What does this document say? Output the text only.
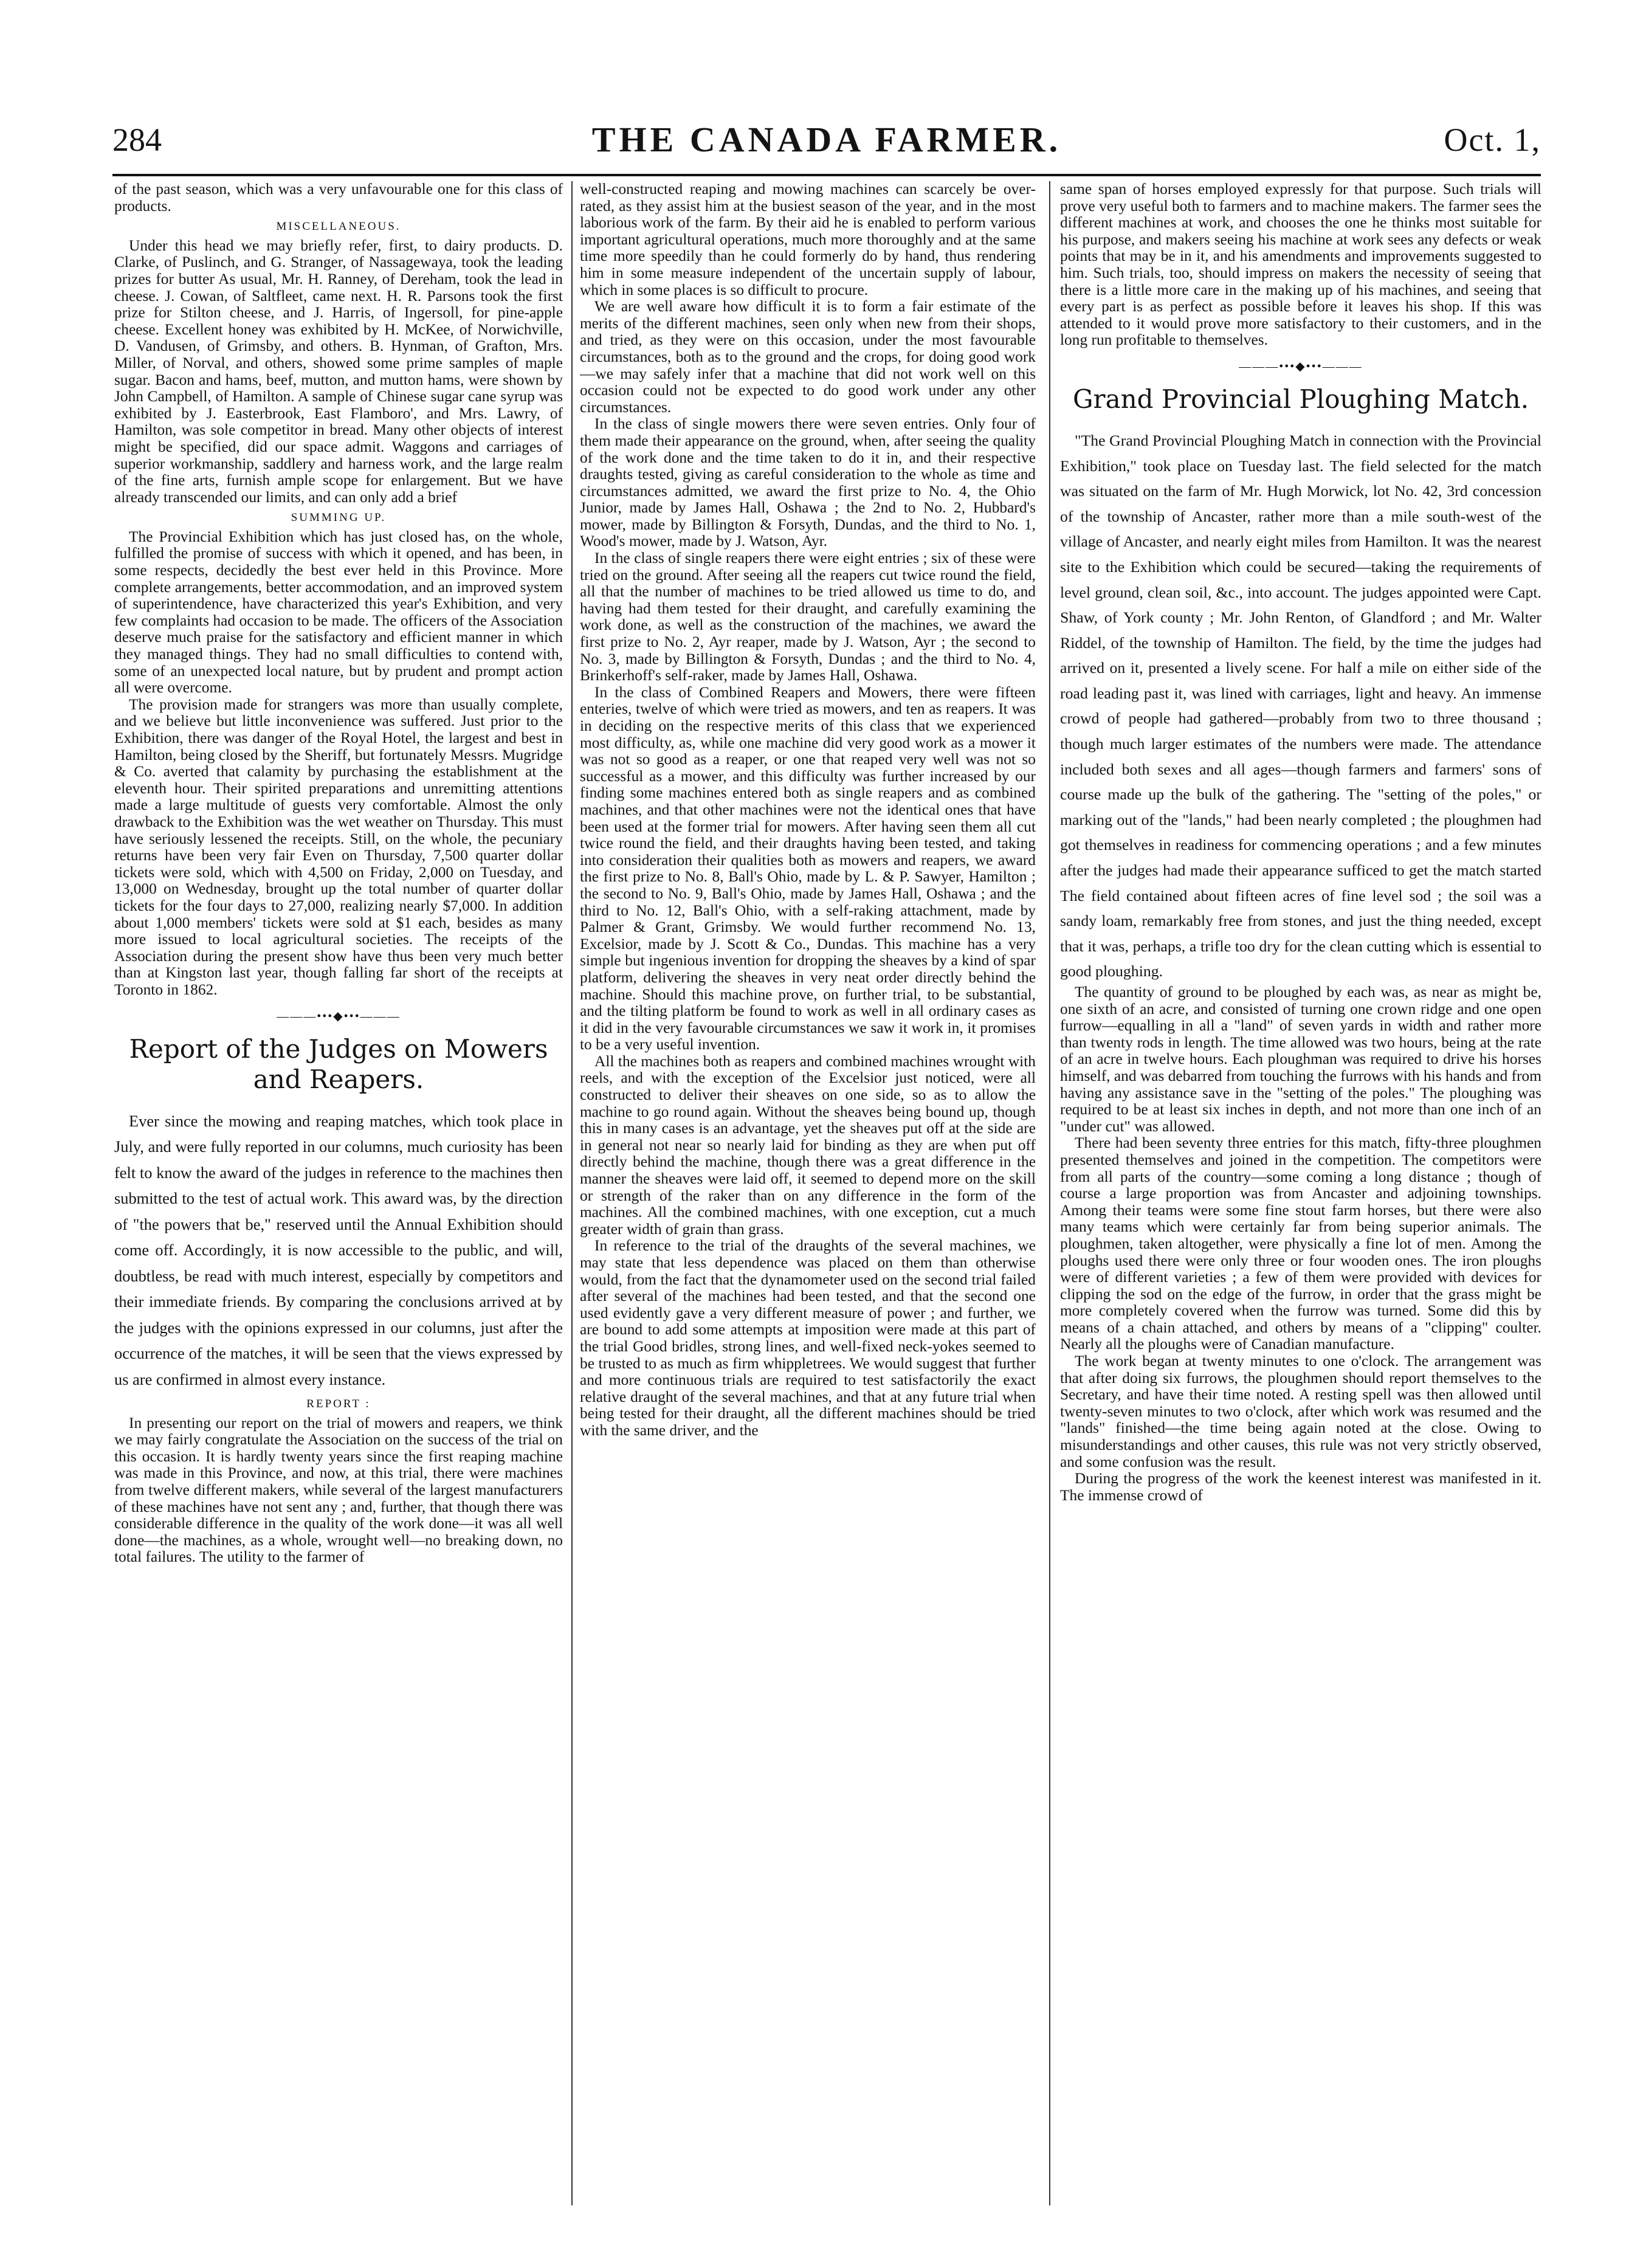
284	THE CANADA FARMER.	Oct. 1,

of the past season, which was a very unfavourable one for this class of products.

MISCELLANEOUS.

Under this head we may briefly refer, first, to dairy products. D. Clarke, of Puslinch, and G. Stranger, of Nassagewaya, took the leading prizes for butter As usual, Mr. H. Ranney, of Dereham, took the lead in cheese. J. Cowan, of Saltfleet, came next. H. R. Parsons took the first prize for Stilton cheese, and J. Harris, of Ingersoll, for pine-apple cheese. Excellent honey was exhibited by H. McKee, of Norwichville, D. Vandusen, of Grimsby, and others. B. Hynman, of Grafton, Mrs. Miller, of Norval, and others, showed some prime samples of maple sugar. Bacon and hams, beef, mutton, and mutton hams, were shown by John Campbell, of Hamilton. A sample of Chinese sugar cane syrup was exhibited by J. Easterbrook, East Flamboro', and Mrs. Lawry, of Hamilton, was sole competitor in bread. Many other objects of interest might be specified, did our space admit. Waggons and carriages of superior workmanship, saddlery and harness work, and the large realm of the fine arts, furnish ample scope for enlargement. But we have already transcended our limits, and can only add a brief

SUMMING UP.

The Provincial Exhibition which has just closed has, on the whole, fulfilled the promise of success with which it opened, and has been, in some respects, decidedly the best ever held in this Province. More complete arrangements, better accommodation, and an improved system of superintendence, have characterized this year's Exhibition, and very few complaints had occasion to be made. The officers of the Association deserve much praise for the satisfactory and efficient manner in which they managed things. They had no small difficulties to contend with, some of an unexpected local nature, but by prudent and prompt action all were overcome.

The provision made for strangers was more than usually complete, and we believe but little inconvenience was suffered. Just prior to the Exhibition, there was danger of the Royal Hotel, the largest and best in Hamilton, being closed by the Sheriff, but fortunately Messrs. Mugridge & Co. averted that calamity by purchasing the establishment at the eleventh hour. Their spirited preparations and unremitting attentions made a large multitude of guests very comfortable. Almost the only drawback to the Exhibition was the wet weather on Thursday. This must have seriously lessened the receipts. Still, on the whole, the pecuniary returns have been very fair Even on Thursday, 7,500 quarter dollar tickets were sold, which with 4,500 on Friday, 2,000 on Tuesday, and 13,000 on Wednesday, brought up the total number of quarter dollar tickets for the four days to 27,000, realizing nearly $7,000. In addition about 1,000 members' tickets were sold at $1 each, besides as many more issued to local agricultural societies. The receipts of the Association during the present show have thus been very much better than at Kingston last year, though falling far short of the receipts at Toronto in 1862.

———•••◆•••———
Report of the Judges on Mowers and Reapers.

Ever since the mowing and reaping matches, which took place in July, and were fully reported in our columns, much curiosity has been felt to know the award of the judges in reference to the machines then submitted to the test of actual work. This award was, by the direction of "the powers that be," reserved until the Annual Exhibition should come off. Accordingly, it is now accessible to the public, and will, doubtless, be read with much interest, especially by competitors and their immediate friends. By comparing the conclusions arrived at by the judges with the opinions expressed in our columns, just after the occurrence of the matches, it will be seen that the views expressed by us are confirmed in almost every instance.

REPORT :

In presenting our report on the trial of mowers and reapers, we think we may fairly congratulate the Association on the success of the trial on this occasion. It is hardly twenty years since the first reaping machine was made in this Province, and now, at this trial, there were machines from twelve different makers, while several of the largest manufacturers of these machines have not sent any ; and, further, that though there was considerable difference in the quality of the work done—it was all well done—the machines, as a whole, wrought well—no breaking down, no total failures. The utility to the farmer of

well-constructed reaping and mowing machines can scarcely be over-rated, as they assist him at the busiest season of the year, and in the most laborious work of the farm. By their aid he is enabled to perform various important agricultural operations, much more thoroughly and at the same time more speedily than he could formerly do by hand, thus rendering him in some measure independent of the uncertain supply of labour, which in some places is so difficult to procure.

We are well aware how difficult it is to form a fair estimate of the merits of the different machines, seen only when new from their shops, and tried, as they were on this occasion, under the most favourable circumstances, both as to the ground and the crops, for doing good work—we may safely infer that a machine that did not work well on this occasion could not be expected to do good work under any other circumstances.

In the class of single mowers there were seven entries. Only four of them made their appearance on the ground, when, after seeing the quality of the work done and the time taken to do it in, and their respective draughts tested, giving as careful consideration to the whole as time and circumstances admitted, we award the first prize to No. 4, the Ohio Junior, made by James Hall, Oshawa ; the 2nd to No. 2, Hubbard's mower, made by Billington & Forsyth, Dundas, and the third to No. 1, Wood's mower, made by J. Watson, Ayr.

In the class of single reapers there were eight entries ; six of these were tried on the ground. After seeing all the reapers cut twice round the field, all that the number of machines to be tried allowed us time to do, and having had them tested for their draught, and carefully examining the work done, as well as the construction of the machines, we award the first prize to No. 2, Ayr reaper, made by J. Watson, Ayr ; the second to No. 3, made by Billington & Forsyth, Dundas ; and the third to No. 4, Brinkerhoff's self-raker, made by James Hall, Oshawa.

In the class of Combined Reapers and Mowers, there were fifteen enteries, twelve of which were tried as mowers, and ten as reapers. It was in deciding on the respective merits of this class that we experienced most difficulty, as, while one machine did very good work as a mower it was not so good as a reaper, or one that reaped very well was not so successful as a mower, and this difficulty was further increased by our finding some machines entered both as single reapers and as combined machines, and that other machines were not the identical ones that have been used at the former trial for mowers. After having seen them all cut twice round the field, and their draughts having been tested, and taking into consideration their qualities both as mowers and reapers, we award the first prize to No. 8, Ball's Ohio, made by L. & P. Sawyer, Hamilton ; the second to No. 9, Ball's Ohio, made by James Hall, Oshawa ; and the third to No. 12, Ball's Ohio, with a self-raking attachment, made by Palmer & Grant, Grimsby. We would further recommend No. 13, Excelsior, made by J. Scott & Co., Dundas. This machine has a very simple but ingenious invention for dropping the sheaves by a kind of spar platform, delivering the sheaves in very neat order directly behind the machine. Should this machine prove, on further trial, to be substantial, and the tilting platform be found to work as well in all ordinary cases as it did in the very favourable circumstances we saw it work in, it promises to be a very useful invention.

All the machines both as reapers and combined machines wrought with reels, and with the exception of the Excelsior just noticed, were all constructed to deliver their sheaves on one side, so as to allow the machine to go round again. Without the sheaves being bound up, though this in many cases is an advantage, yet the sheaves put off at the side are in general not near so nearly laid for binding as they are when put off directly behind the machine, though there was a great difference in the manner the sheaves were laid off, it seemed to depend more on the skill or strength of the raker than on any difference in the form of the machines. All the combined machines, with one exception, cut a much greater width of grain than grass.

In reference to the trial of the draughts of the several machines, we may state that less dependence was placed on them than otherwise would, from the fact that the dynamometer used on the second trial failed after several of the machines had been tested, and that the second one used evidently gave a very different measure of power ; and further, we are bound to add some attempts at imposition were made at this part of the trial Good bridles, strong lines, and well-fixed neck-yokes seemed to be trusted to as much as firm whippletrees. We would suggest that further and more continuous trials are required to test satisfactorily the exact relative draught of the several machines, and that at any future trial when being tested for their draught, all the different machines should be tried with the same driver, and the

same span of horses employed expressly for that purpose. Such trials will prove very useful both to farmers and to machine makers. The farmer sees the different machines at work, and chooses the one he thinks most suitable for his purpose, and makers seeing his machine at work sees any defects or weak points that may be in it, and his amendments and improvements suggested to him. Such trials, too, should impress on makers the necessity of seeing that there is a little more care in the making up of his machines, and seeing that every part is as perfect as possible before it leaves his shop. If this was attended to it would prove more satisfactory to their customers, and in the long run profitable to themselves.

———•••◆•••———
Grand Provincial Ploughing Match.

"The Grand Provincial Ploughing Match in connection with the Provincial Exhibition," took place on Tuesday last. The field selected for the match was situated on the farm of Mr. Hugh Morwick, lot No. 42, 3rd concession of the township of Ancaster, rather more than a mile south-west of the village of Ancaster, and nearly eight miles from Hamilton. It was the nearest site to the Exhibition which could be secured—taking the requirements of level ground, clean soil, &c., into account. The judges appointed were Capt. Shaw, of York county ; Mr. John Renton, of Glandford ; and Mr. Walter Riddel, of the township of Hamilton. The field, by the time the judges had arrived on it, presented a lively scene. For half a mile on either side of the road leading past it, was lined with carriages, light and heavy. An immense crowd of people had gathered—probably from two to three thousand ; though much larger estimates of the numbers were made. The attendance included both sexes and all ages—though farmers and farmers' sons of course made up the bulk of the gathering. The "setting of the poles," or marking out of the "lands," had been nearly completed ; the ploughmen had got themselves in readiness for commencing operations ; and a few minutes after the judges had made their appearance sufficed to get the match started The field contained about fifteen acres of fine level sod ; the soil was a sandy loam, remarkably free from stones, and just the thing needed, except that it was, perhaps, a trifle too dry for the clean cutting which is essential to good ploughing.

The quantity of ground to be ploughed by each was, as near as might be, one sixth of an acre, and consisted of turning one crown ridge and one open furrow—equalling in all a "land" of seven yards in width and rather more than twenty rods in length. The time allowed was two hours, being at the rate of an acre in twelve hours. Each ploughman was required to drive his horses himself, and was debarred from touching the furrows with his hands and from having any assistance save in the "setting of the poles." The ploughing was required to be at least six inches in depth, and not more than one inch of an "under cut" was allowed.

There had been seventy three entries for this match, fifty-three ploughmen presented themselves and joined in the competition. The competitors were from all parts of the country—some coming a long distance ; though of course a large proportion was from Ancaster and adjoining townships. Among their teams were some fine stout farm horses, but there were also many teams which were certainly far from being superior animals. The ploughmen, taken altogether, were physically a fine lot of men. Among the ploughs used there were only three or four wooden ones. The iron ploughs were of different varieties ; a few of them were provided with devices for clipping the sod on the edge of the furrow, in order that the grass might be more completely covered when the furrow was turned. Some did this by means of a chain attached, and others by means of a "clipping" coulter. Nearly all the ploughs were of Canadian manufacture.

The work began at twenty minutes to one o'clock. The arrangement was that after doing six furrows, the ploughmen should report themselves to the Secretary, and have their time noted. A resting spell was then allowed until twenty-seven minutes to two o'clock, after which work was resumed and the "lands" finished—the time being again noted at the close. Owing to misunderstandings and other causes, this rule was not very strictly observed, and some confusion was the result.

During the progress of the work the keenest interest was manifested in it. The immense crowd of
